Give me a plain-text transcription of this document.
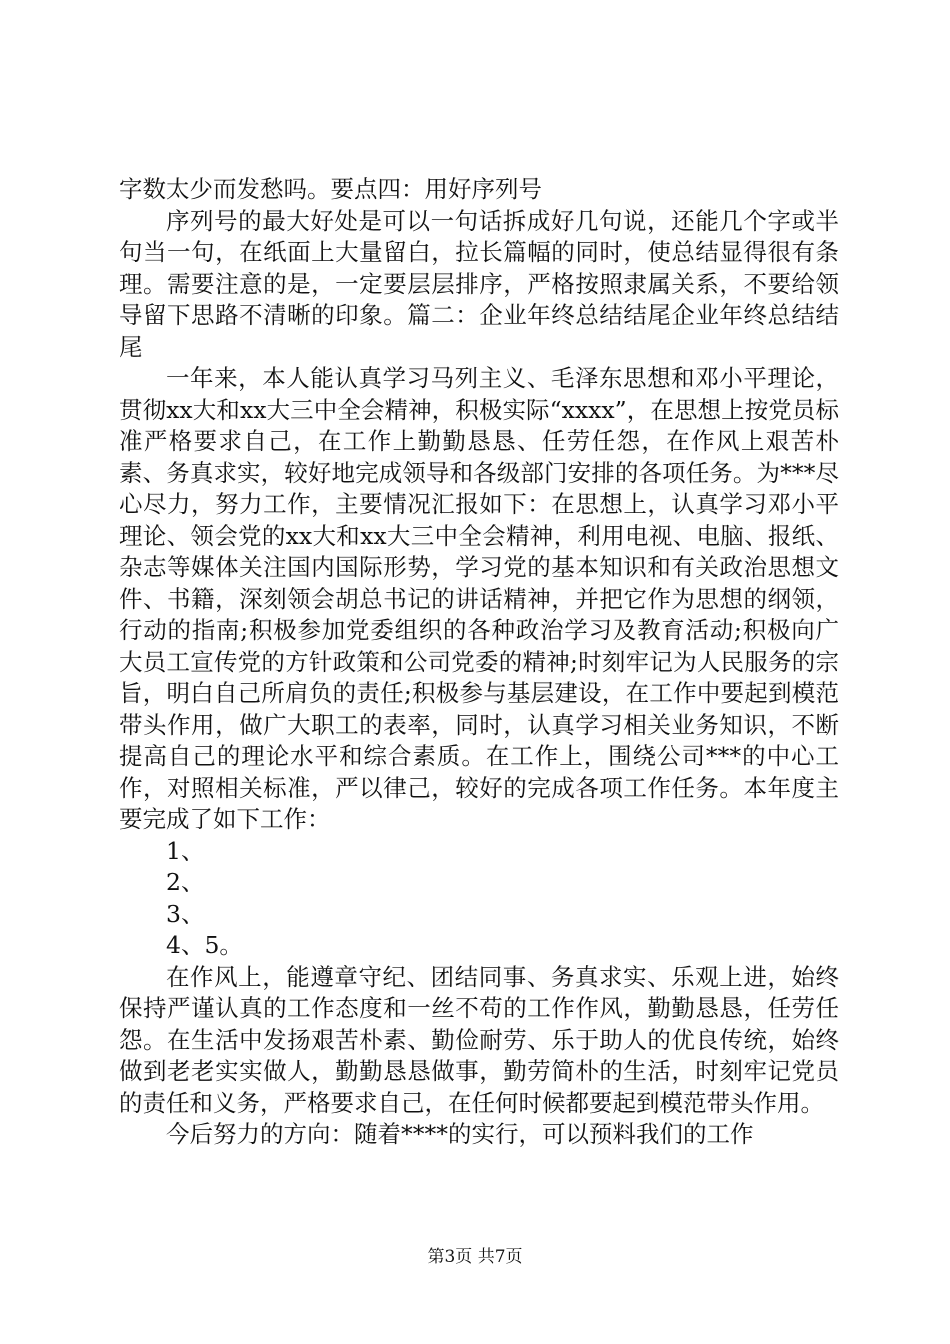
字数太少而发愁吗。要点四：用好序列号

序列号的最大好处是可以一句话拆成好几句说，还能几个字或半句当一句，在纸面上大量留白，拉长篇幅的同时，使总结显得很有条理。需要注意的是，一定要层层排序，严格按照隶属关系，不要给领导留下思路不清晰的印象。篇二：企业年终总结结尾企业年终总结结尾

一年来，本人能认真学习马列主义、毛泽东思想和邓小平理论，贯彻xx大和xx大三中全会精神，积极实际“xxxx”，在思想上按党员标准严格要求自己，在工作上勤勤恳恳、任劳任怨，在作风上艰苦朴素、务真求实，较好地完成领导和各级部门安排的各项任务。为***尽心尽力，努力工作，主要情况汇报如下：在思想上，认真学习邓小平理论、领会党的xx大和xx大三中全会精神，利用电视、电脑、报纸、杂志等媒体关注国内国际形势，学习党的基本知识和有关政治思想文件、书籍，深刻领会胡总书记的讲话精神，并把它作为思想的纲领，行动的指南;积极参加党委组织的各种政治学习及教育活动;积极向广大员工宣传党的方针政策和公司党委的精神;时刻牢记为人民服务的宗旨，明白自己所肩负的责任;积极参与基层建设，在工作中要起到模范带头作用，做广大职工的表率，同时，认真学习相关业务知识，不断提高自己的理论水平和综合素质。在工作上，围绕公司***的中心工作，对照相关标准，严以律己，较好的完成各项工作任务。本年度主要完成了如下工作：

1、

2、

3、

4、5。

在作风上，能遵章守纪、团结同事、务真求实、乐观上进，始终保持严谨认真的工作态度和一丝不苟的工作作风，勤勤恳恳，任劳任怨。在生活中发扬艰苦朴素、勤俭耐劳、乐于助人的优良传统，始终做到老老实实做人，勤勤恳恳做事，勤劳简朴的生活，时刻牢记党员的责任和义务，严格要求自己，在任何时候都要起到模范带头作用。

今后努力的方向：随着****的实行，可以预料我们的工作

第3页 共7页
